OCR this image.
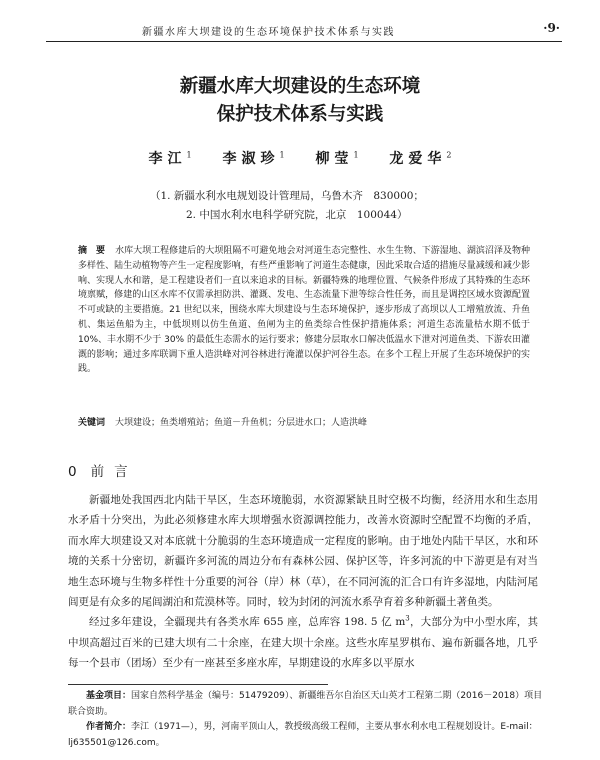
新疆水库大坝建设的生态环境保护技术体系与实践	·9·
新疆水库大坝建设的生态环境
保护技术体系与实践
李江$^1$ 李淑珍$^1$ 柳莹$^1$ 龙爱华$^2$
（1. 新疆水利水电规划设计管理局，乌鲁木齐　830000；
2. 中国水利水电科学研究院，北京　100044）
摘　要 水库大坝工程修建后的大坝阻隔不可避免地会对河道生态完整性、水生生物、下游湿地、湖滨沼泽及物种多样性、陆生动植物等产生一定程度影响，有些严重影响了河道生态健康，因此采取合适的措施尽量减缓和减少影响、实现人水和谐，是工程建设者们一直以来追求的目标。新疆特殊的地理位置、气候条件形成了其特殊的生态环境禀赋，修建的山区水库不仅需承担防洪、灌溉、发电、生态流量下泄等综合性任务，而且是调控区域水资源配置不可或缺的主要措施。21 世纪以来，围绕水库大坝建设与生态环境保护，逐步形成了高坝以人工增殖放流、升鱼机、集运鱼船为主，中低坝则以仿生鱼道、鱼闸为主的鱼类综合性保护措施体系；河道生态流量枯水期不低于 10%、丰水期不少于 30% 的最低生态需水的运行要求；修建分层取水口解决低温水下泄对河道鱼类、下游农田灌溉的影响；通过多库联调下重人造洪峰对河谷林进行淹灌以保护河谷生态。在多个工程上开展了生态环境保护的实践。
关键词 大坝建设；鱼类增殖站；鱼道－升鱼机；分层进水口；人造洪峰
0 前言

新疆地处我国西北内陆干旱区，生态环境脆弱，水资源紧缺且时空极不均衡，经济用水和生态用水矛盾十分突出，为此必须修建水库大坝增强水资源调控能力，改善水资源时空配置不均衡的矛盾，而水库大坝建设又对本底就十分脆弱的生态环境造成一定程度的影响。由于地处内陆干旱区，水和环境的关系十分密切，新疆许多河流的周边分布有森林公园、保护区等，许多河流的中下游更是有对当地生态环境与生物多样性十分重要的河谷（岸）林（草），在不同河流的汇合口有许多湿地，内陆河尾闾更是有众多的尾闾湖泊和荒漠林等。同时，较为封闭的河流水系孕育着多种新疆土著鱼类。

经过多年建设，全疆现共有各类水库 655 座，总库容 198. 5 亿 $m^3$，大部分为中小型水库，其中坝高超过百米的已建大坝有二十余座，在建大坝十余座。这些水库星罗棋布、遍布新疆各地，几乎每一个县市（团场）至少有一座甚至多座水库，早期建设的水库多以平原水

基金项目：国家自然科学基金（编号：51479209）、新疆维吾尔自治区天山英才工程第二期（2016－2018）项目联合资助。
作者简介：李江（1971—），男，河南平顶山人，教授级高级工程师，主要从事水利水电工程规划设计。E-mail：lj635501@126.com。
